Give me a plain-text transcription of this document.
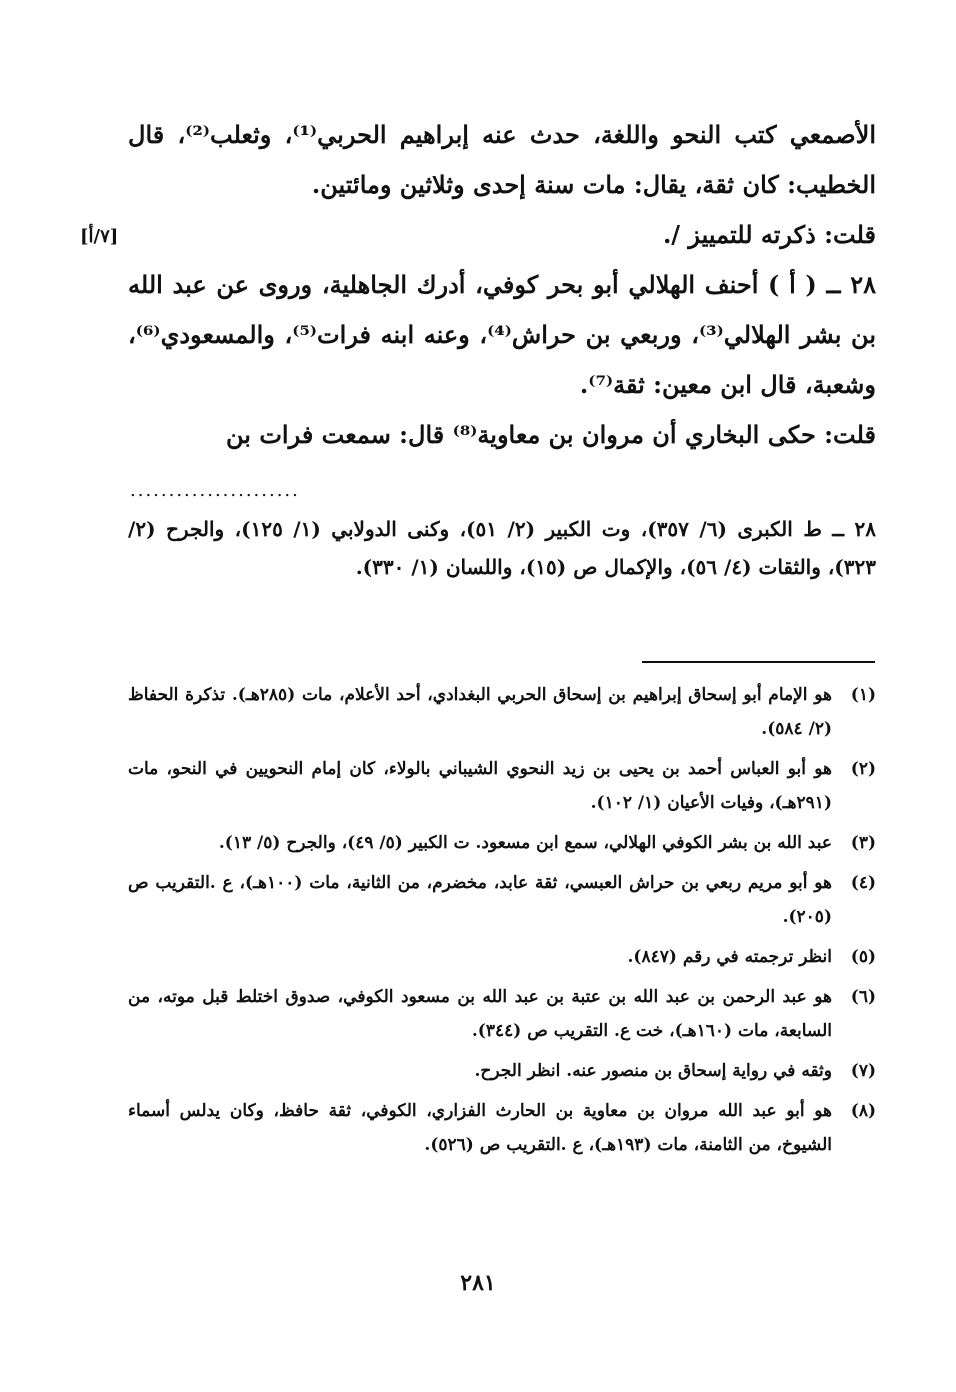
الأصمعي كتب النحو واللغة، حدث عنه إبراهيم الحربي⁽¹⁾، وثعلب⁽²⁾، قال الخطيب: كان ثقة، يقال: مات سنة إحدى وثلاثين ومائتين.

قلت: ذكرته للتمييز /.

٢٨ ــ ( أ ) أحنف الهلالي أبو بحر كوفي، أدرك الجاهلية، وروى عن عبد الله بن بشر الهلالي⁽³⁾، وربعي بن حراش⁽⁴⁾، وعنه ابنه فرات⁽⁵⁾، والمسعودي⁽⁶⁾، وشعبة، قال ابن معين: ثقة⁽⁷⁾.

قلت: حكى البخاري أن مروان بن معاوية⁽⁸⁾ قال: سمعت فرات بن

[٧/أ]
......................

٢٨ ــ ط الكبرى (٦/ ٣٥٧)، وت الكبير (٢/ ٥١)، وكنى الدولابي (١/ ١٢٥)، والجرح (٢/ ٣٢٣)، والثقات (٤/ ٥٦)، والإكمال ص (١٥)، واللسان (١/ ٣٣٠).

(١)
هو الإمام أبو إسحاق إبراهيم بن إسحاق الحربي البغدادي، أحد الأعلام، مات (٢٨٥هـ). تذكرة الحفاظ (٢/ ٥٨٤).
(٢)
هو أبو العباس أحمد بن يحيى بن زيد النحوي الشيباني بالولاء، كان إمام النحويين في النحو، مات (٢٩١هـ)، وفيات الأعيان (١/ ١٠٢).
(٣)
عبد الله بن بشر الكوفي الهلالي، سمع ابن مسعود. ت الكبير (٥/ ٤٩)، والجرح (٥/ ١٣).
(٤)
هو أبو مريم ربعي بن حراش العبسي، ثقة عابد، مخضرم، من الثانية، مات (١٠٠هـ)، ع .التقريب ص (٢٠٥).
(٥)
انظر ترجمته في رقم (٨٤٧).
(٦)
هو عبد الرحمن بن عبد الله بن عتبة بن عبد الله بن مسعود الكوفي، صدوق اختلط قبل موته، من السابعة، مات (١٦٠هـ)، خت ع. التقريب ص (٣٤٤).
(٧)
وثقه في رواية إسحاق بن منصور عنه. انظر الجرح.
(٨)
هو أبو عبد الله مروان بن معاوية بن الحارث الفزاري، الكوفي، ثقة حافظ، وكان يدلس أسماء الشيوخ، من الثامنة، مات (١٩٣هـ)، ع .التقريب ص (٥٢٦).
٢٨١
